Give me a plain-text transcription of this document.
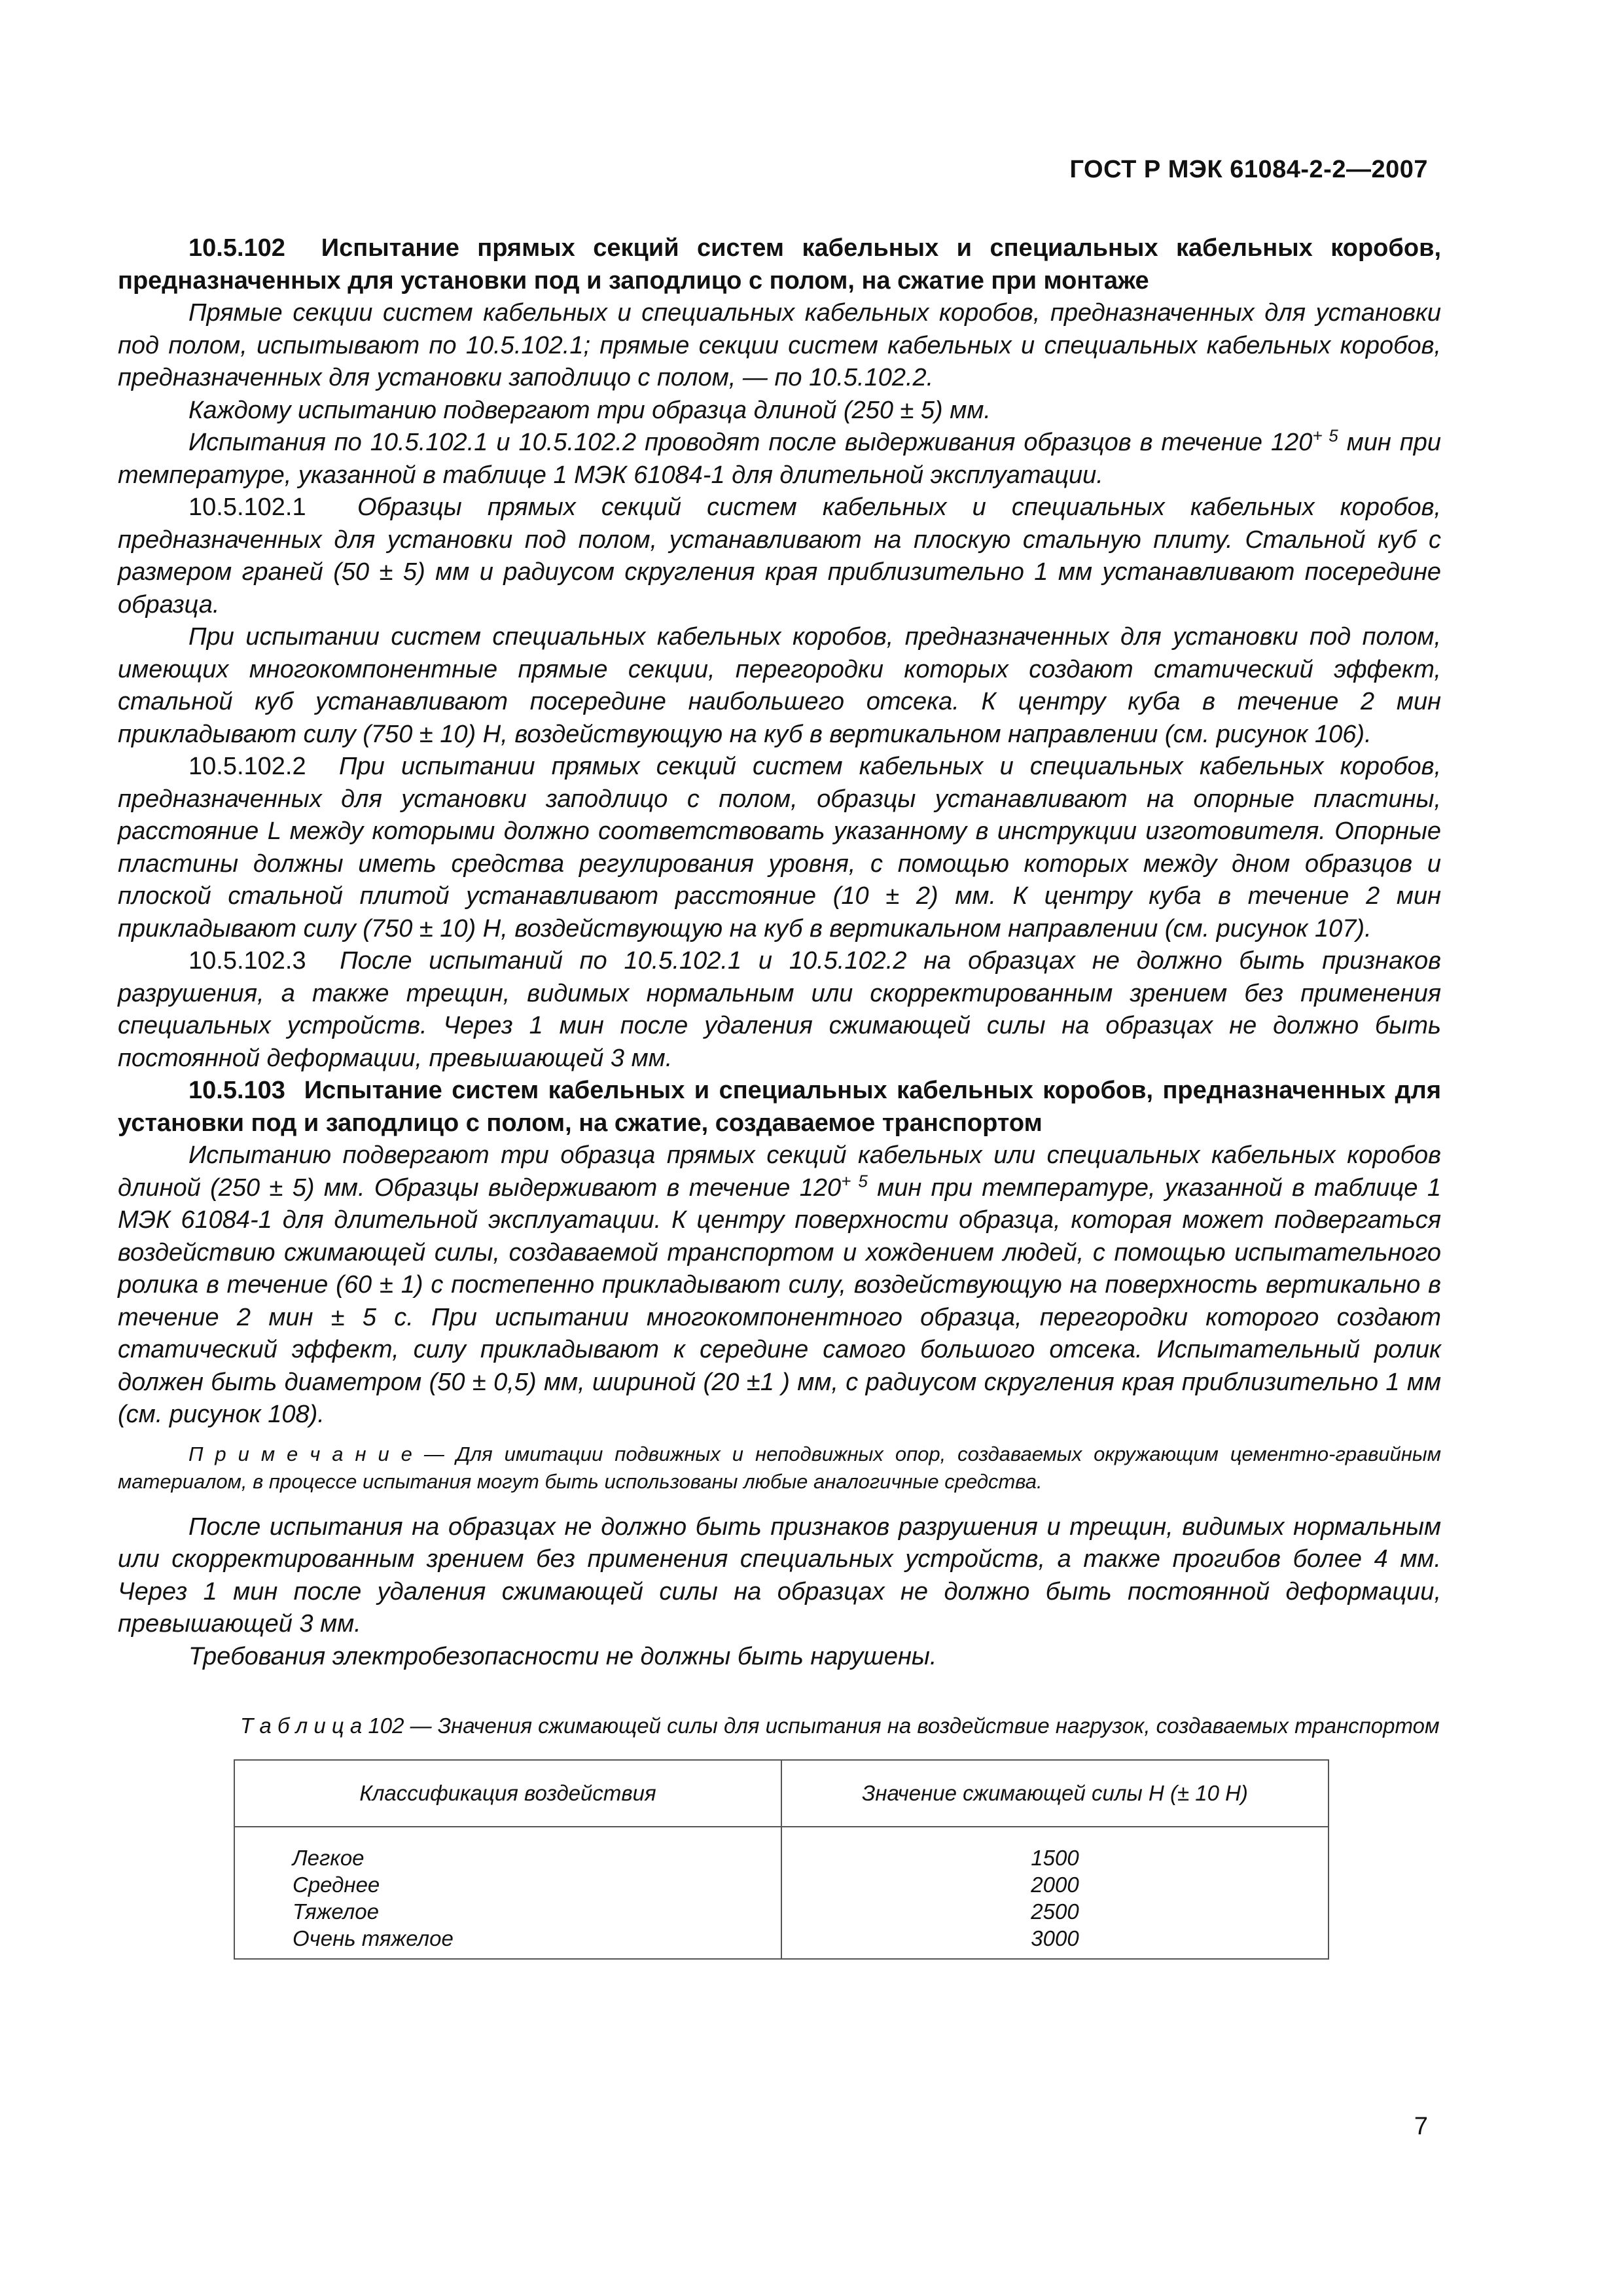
ГОСТ Р МЭК 61084-2-2—2007

10.5.102 Испытание прямых секций систем кабельных и специальных кабельных коробов, предназначенных для установки под и заподлицо с полом, на сжатие при монтаже

Прямые секции систем кабельных и специальных кабельных коробов, предназначенных для установки под полом, испытывают по 10.5.102.1; прямые секции систем кабельных и специальных кабельных коробов, предназначенных для установки заподлицо с полом, — по 10.5.102.2.

Каждому испытанию подвергают три образца длиной (250 ± 5) мм.

Испытания по 10.5.102.1 и 10.5.102.2 проводят после выдерживания образцов в течение $120^{+ 5}$ мин при температуре, указанной в таблице 1 МЭК 61084-1 для длительной эксплуатации.

10.5.102.1 Образцы прямых секций систем кабельных и специальных кабельных коробов, предназначенных для установки под полом, устанавливают на плоскую стальную плиту. Стальной куб с размером граней (50 ± 5) мм и радиусом скругления края приблизительно 1 мм устанавливают посередине образца.

При испытании систем специальных кабельных коробов, предназначенных для установки под полом, имеющих многокомпонентные прямые секции, перегородки которых создают статический эффект, стальной куб устанавливают посередине наибольшего отсека. К центру куба в течение 2 мин прикладывают силу (750 ± 10) Н, воздействующую на куб в вертикальном направлении (см. рисунок 106).

10.5.102.2 При испытании прямых секций систем кабельных и специальных кабельных коробов, предназначенных для установки заподлицо с полом, образцы устанавливают на опорные пластины, расстояние L между которыми должно соответствовать указанному в инструкции изготовителя. Опорные пластины должны иметь средства регулирования уровня, с помощью которых между дном образцов и плоской стальной плитой устанавливают расстояние (10 ± 2) мм. К центру куба в течение 2 мин прикладывают силу (750 ± 10) Н, воздействующую на куб в вертикальном направлении (см. рисунок 107).

10.5.102.3 После испытаний по 10.5.102.1 и 10.5.102.2 на образцах не должно быть признаков разрушения, а также трещин, видимых нормальным или скорректированным зрением без применения специальных устройств. Через 1 мин после удаления сжимающей силы на образцах не должно быть постоянной деформации, превышающей 3 мм.

10.5.103 Испытание систем кабельных и специальных кабельных коробов, предназначенных для установки под и заподлицо с полом, на сжатие, создаваемое транспортом

Испытанию подвергают три образца прямых секций кабельных или специальных кабельных коробов длиной (250 ± 5) мм. Образцы выдерживают в течение $120^{+ 5}$ мин при температуре, указанной в таблице 1 МЭК 61084-1 для длительной эксплуатации. К центру поверхности образца, которая может подвергаться воздействию сжимающей силы, создаваемой транспортом и хождением людей, с помощью испытательного ролика в течение (60 ± 1) с постепенно прикладывают силу, воздействующую на поверхность вертикально в течение 2 мин ± 5 с. При испытании многокомпонентного образца, перегородки которого создают статический эффект, силу прикладывают к середине самого большого отсека. Испытательный ролик должен быть диаметром (50 ± 0,5) мм, шириной (20 ±1 ) мм, с радиусом скругления края приблизительно 1 мм (см. рисунок 108).

П р и м е ч а н и е — Для имитации подвижных и неподвижных опор, создаваемых окружающим цементно-гравийным материалом, в процессе испытания могут быть использованы любые аналогичные средства.

После испытания на образцах не должно быть признаков разрушения и трещин, видимых нормальным или скорректированным зрением без применения специальных устройств, а также прогибов более 4 мм. Через 1 мин после удаления сжимающей силы на образцах не должно быть постоянной деформации, превышающей 3 мм.

Требования электробезопасности не должны быть нарушены.

Т а б л и ц а 102 — Значения сжимающей силы для испытания на воздействие нагрузок, создаваемых транспортом

Классификация воздействия	Значение сжимающей силы Н (± 10 Н)
Легкое	1500
Среднее	2000
Тяжелое	2500
Очень тяжелое	3000
7
